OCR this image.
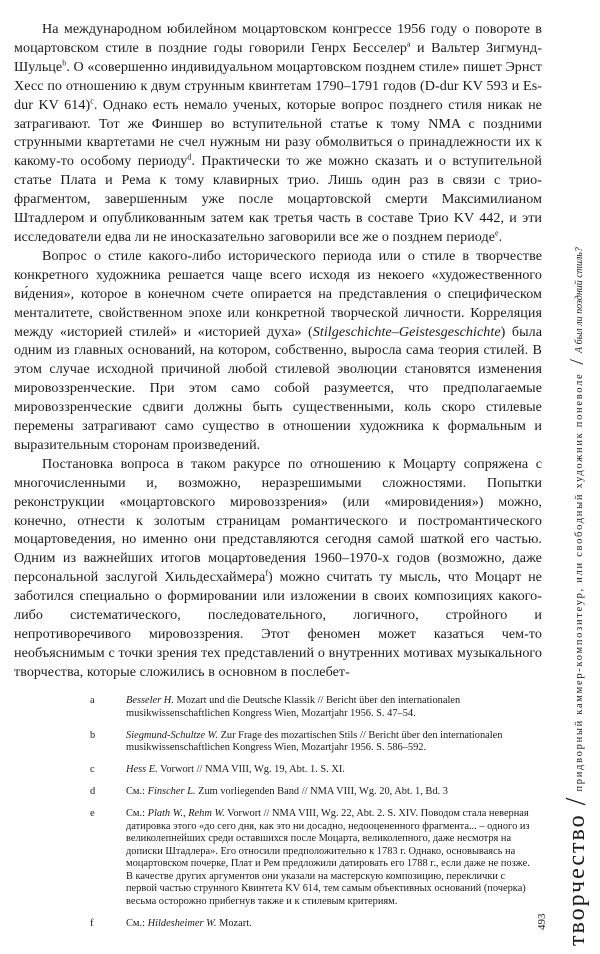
На международном юбилейном моцартовском конгрессе 1956 году о повороте в моцартовском стиле в поздние годы говорили Генрх Бесселер$^a$ и Вальтер Зигмунд-Шульце$^b$. О «совершенно индивидуальном моцартовском позднем стиле» пишет Эрнст Хесс по отношению к двум струнным квинтетам 1790–1791 годов (D-dur KV 593 и Es-dur KV 614)$^c$. Однако есть немало ученых, которые вопрос позднего стиля никак не затрагивают. Тот же Финшер во вступительной статье к тому NMA с поздними струнными квартетами не счел нужным ни разу обмолвиться о принадлежности их к какому-то особому периоду$^d$. Практически то же можно сказать и о вступительной статье Плата и Рема к тому клавирных трио. Лишь один раз в связи с трио-фрагментом, завершенным уже после моцартовской смерти Максимилианом Штадлером и опубликованным затем как третья часть в составе Трио KV 442, и эти исследователи едва ли не иносказательно заговорили все же о позднем периоде$^e$.

Вопрос о стиле какого-либо исторического периода или о стиле в творчестве конкретного художника решается чаще всего исходя из некоего «художественного ви́дения», которое в конечном счете опирается на представления о специфическом менталитете, свойственном эпохе или конкретной творческой личности. Корреляция между «историей стилей» и «историей духа» (Stilgeschichte–Geistesgeschichte) была одним из главных оснований, на котором, собственно, выросла сама теория стилей. В этом случае исходной причиной любой стилевой эволюции становятся изменения мировоззренческие. При этом само собой разумеется, что предполагаемые мировоззренческие сдвиги должны быть существенными, коль скоро стилевые перемены затрагивают само существо в отношении художника к формальным и выразительным сторонам произведений.

Постановка вопроса в таком ракурсе по отношению к Моцарту сопряжена с многочисленными и, возможно, неразрешимыми сложностями. Попытки реконструкции «моцартовского мировоззрения» (или «мировидения») можно, конечно, отнести к золотым страницам романтического и постромантического моцартоведения, но именно они представляются сегодня самой шаткой его частью. Одним из важнейших итогов моцартоведения 1960–1970-х годов (возможно, даже персональной заслугой Хильдесхаймера$^f$) можно считать ту мысль, что Моцарт не заботился специально о формировании или изложении в своих композициях какого-либо систематического, последовательного, логичного, стройного и непротиворечивого мировоззрения. Этот феномен может казаться чем-то необъяснимым с точки зрения тех представлений о внутренних мотивах музыкального творчества, которые сложились в основном в послебет-

a	Besseler H. Mozart und die Deutsche Klassik // Bericht über den internationalen musikwissenschaftlichen Kongress Wien, Mozartjahr 1956. S. 47–54.
b	Siegmund-Schultze W. Zur Frage des mozartischen Stils // Bericht über den internationalen musikwissenschaftlichen Kongress Wien, Mozartjahr 1956. S. 586–592.
c	Hess E. Vorwort // NMA VIII, Wg. 19, Abt. 1. S. XI.
d	См.: Finscher L. Zum vorliegenden Band // NMA VIII, Wg. 20, Abt. 1, Bd. 3
e	См.: Plath W., Rehm W. Vorwort // NMA VIII, Wg. 22, Abt. 2. S. XIV. Поводом стала неверная датировка этого «до сего дня, как это ни досадно, недооцененного фрагмента... – одного из великолепнейших среди оставшихся после Моцарта, великолепного, даже несмотря на дописки Штадлера». Его относили предположительно к 1783 г. Однако, основываясь на моцартовском почерке, Плат и Рем предложили датировать его 1788 г., если даже не позже. В качестве других аргументов они указали на мастерскую композицию, переклички с первой частью струнного Квинтета KV 614, тем самым объективных оснований (почерка) весьма осторожно прибегнув также и к стилевым критериям.
f	См.: Hildesheimer W. Mozart.	493 творчество
/
придворный каммер-композитеур, или свободный художник поневоле
/
А был ли поздний стиль?
